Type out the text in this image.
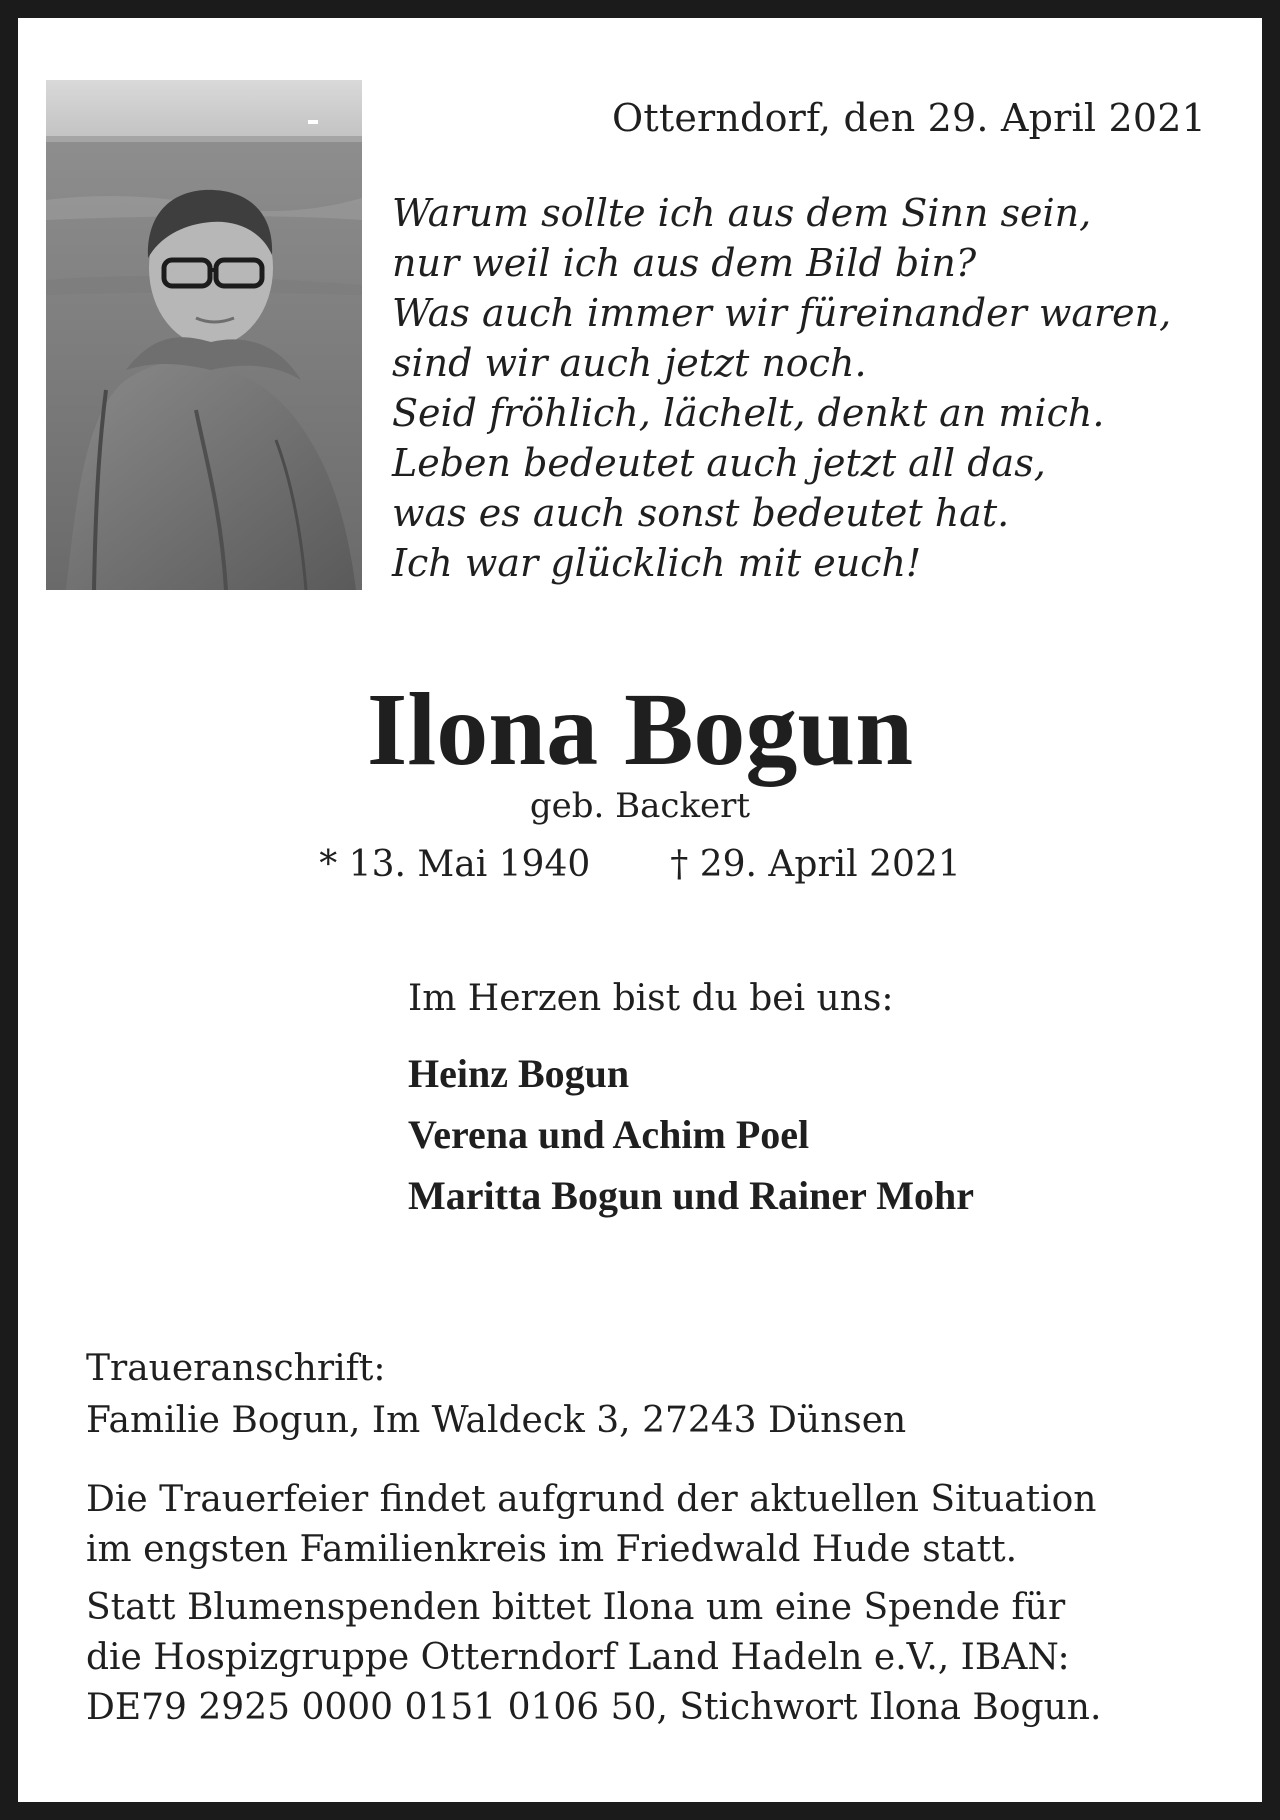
Otterndorf, den 29. April 2021
Warum sollte ich aus dem Sinn sein,
nur weil ich aus dem Bild bin?
Was auch immer wir füreinander waren,
sind wir auch jetzt noch.
Seid fröhlich, lächelt, denkt an mich.
Leben bedeutet auch jetzt all das,
was es auch sonst bedeutet hat.
Ich war glücklich mit euch!
Ilona Bogun
geb. Backert
* 13. Mai 1940 † 29. April 2021
Im Herzen bist du bei uns:
Heinz Bogun
Verena und Achim Poel
Maritta Bogun und Rainer Mohr
Traueranschrift:
Familie Bogun, Im Waldeck 3, 27243 Dünsen
Die Trauerfeier findet aufgrund der aktuellen Situation
im engsten Familienkreis im Friedwald Hude statt.
Statt Blumenspenden bittet Ilona um eine Spende für
die Hospizgruppe Otterndorf Land Hadeln e.V., IBAN:
DE79 2925 0000 0151 0106 50, Stichwort Ilona Bogun.
